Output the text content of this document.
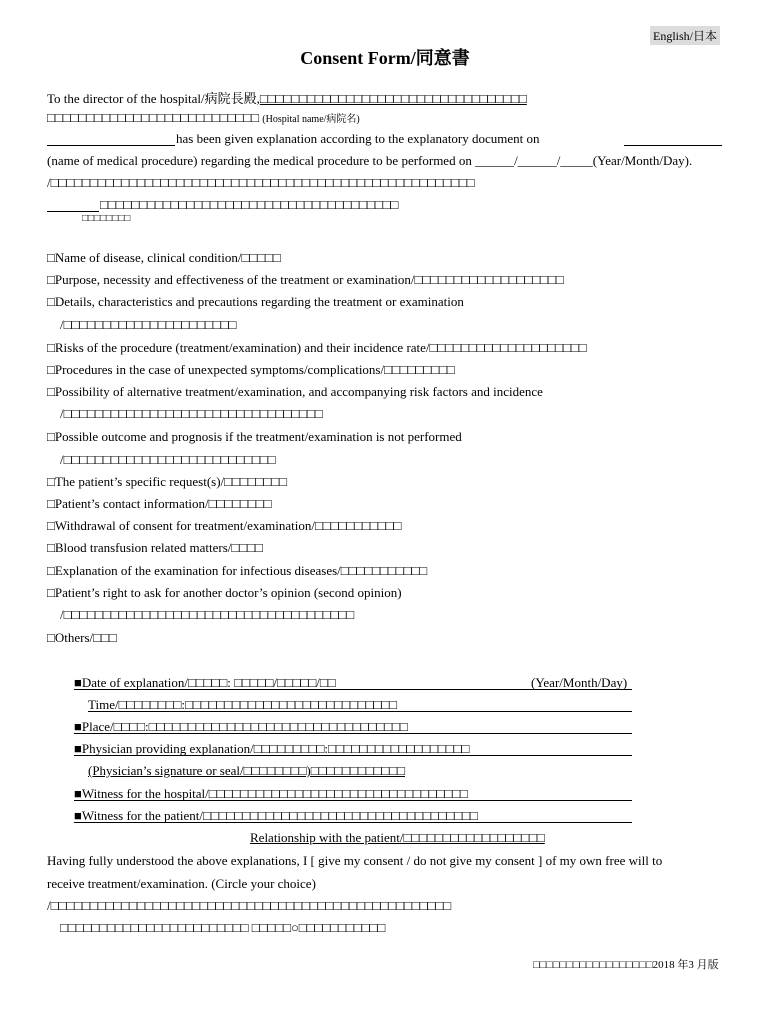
English/日本
Consent Form/同意書
To the director of the hospital/病院長殿,□□□□□□□□□□□□□□□□□□□□□□□□□□□□□□□□□□
□□□□□□□□□□□□□□□□□□□□□□□□□□□ (Hospital name/病院名)
has been given explanation according to the explanatory document on
(name of medical procedure) regarding the medical procedure to be performed on ______/______/_____(Year/Month/Day).
/□□□□□□□□□□□□□□□□□□□□□□□□□□□□□□□□□□□□□□□□□□□□□□□□□□□□□□
□□□□□□□□□□□□□□□□□□□□□□□□□□□□□□□□□□□□□□
□□□□□□□□
□Name of disease, clinical condition/□□□□□
□Purpose, necessity and effectiveness of the treatment or examination/□□□□□□□□□□□□□□□□□□□
□Details, characteristics and precautions regarding the treatment or examination
/□□□□□□□□□□□□□□□□□□□□□□
□Risks of the procedure (treatment/examination) and their incidence rate/□□□□□□□□□□□□□□□□□□□□
□Procedures in the case of unexpected symptoms/complications/□□□□□□□□□
□Possibility of alternative treatment/examination, and accompanying risk factors and incidence
/□□□□□□□□□□□□□□□□□□□□□□□□□□□□□□□□□
□Possible outcome and prognosis if the treatment/examination is not performed
/□□□□□□□□□□□□□□□□□□□□□□□□□□□
□The patient’s specific request(s)/□□□□□□□□
□Patient’s contact information/□□□□□□□□
□Withdrawal of consent for treatment/examination/□□□□□□□□□□□
□Blood transfusion related matters/□□□□
□Explanation of the examination for infectious diseases/□□□□□□□□□□□
□Patient’s right to ask for another doctor’s opinion (second opinion)
/□□□□□□□□□□□□□□□□□□□□□□□□□□□□□□□□□□□□□
□Others/□□□
■Date of explanation/□□□□□: □□□□□/□□□□□/□□	(Year/Month/Day)
Time/□□□□□□□□:□□□□□□□□□□□□□□□□□□□□□□□□□□□
■Place/□□□□:□□□□□□□□□□□□□□□□□□□□□□□□□□□□□□□□□
■Physician providing explanation/□□□□□□□□□:□□□□□□□□□□□□□□□□□□
(Physician’s signature or seal/□□□□□□□□)□□□□□□□□□□□□
■Witness for the hospital/□□□□□□□□□□□□□□□□□□□□□□□□□□□□□□□□□
■Witness for the patient/□□□□□□□□□□□□□□□□□□□□□□□□□□□□□□□□□□□
Relationship with the patient/□□□□□□□□□□□□□□□□□□
Having fully understood the above explanations, I [ give my consent / do not give my consent ] of my own free will to
receive treatment/examination. (Circle your choice)
/□□□□□□□□□□□□□□□□□□□□□□□□□□□□□□□□□□□□□□□□□□□□□□□□□□□
□□□□□□□□□□□□□□□□□□□□□□□□ □□□□□○□□□□□□□□□□□
□□□□□□□□□□□□□□□□□□2018 年3 月版
